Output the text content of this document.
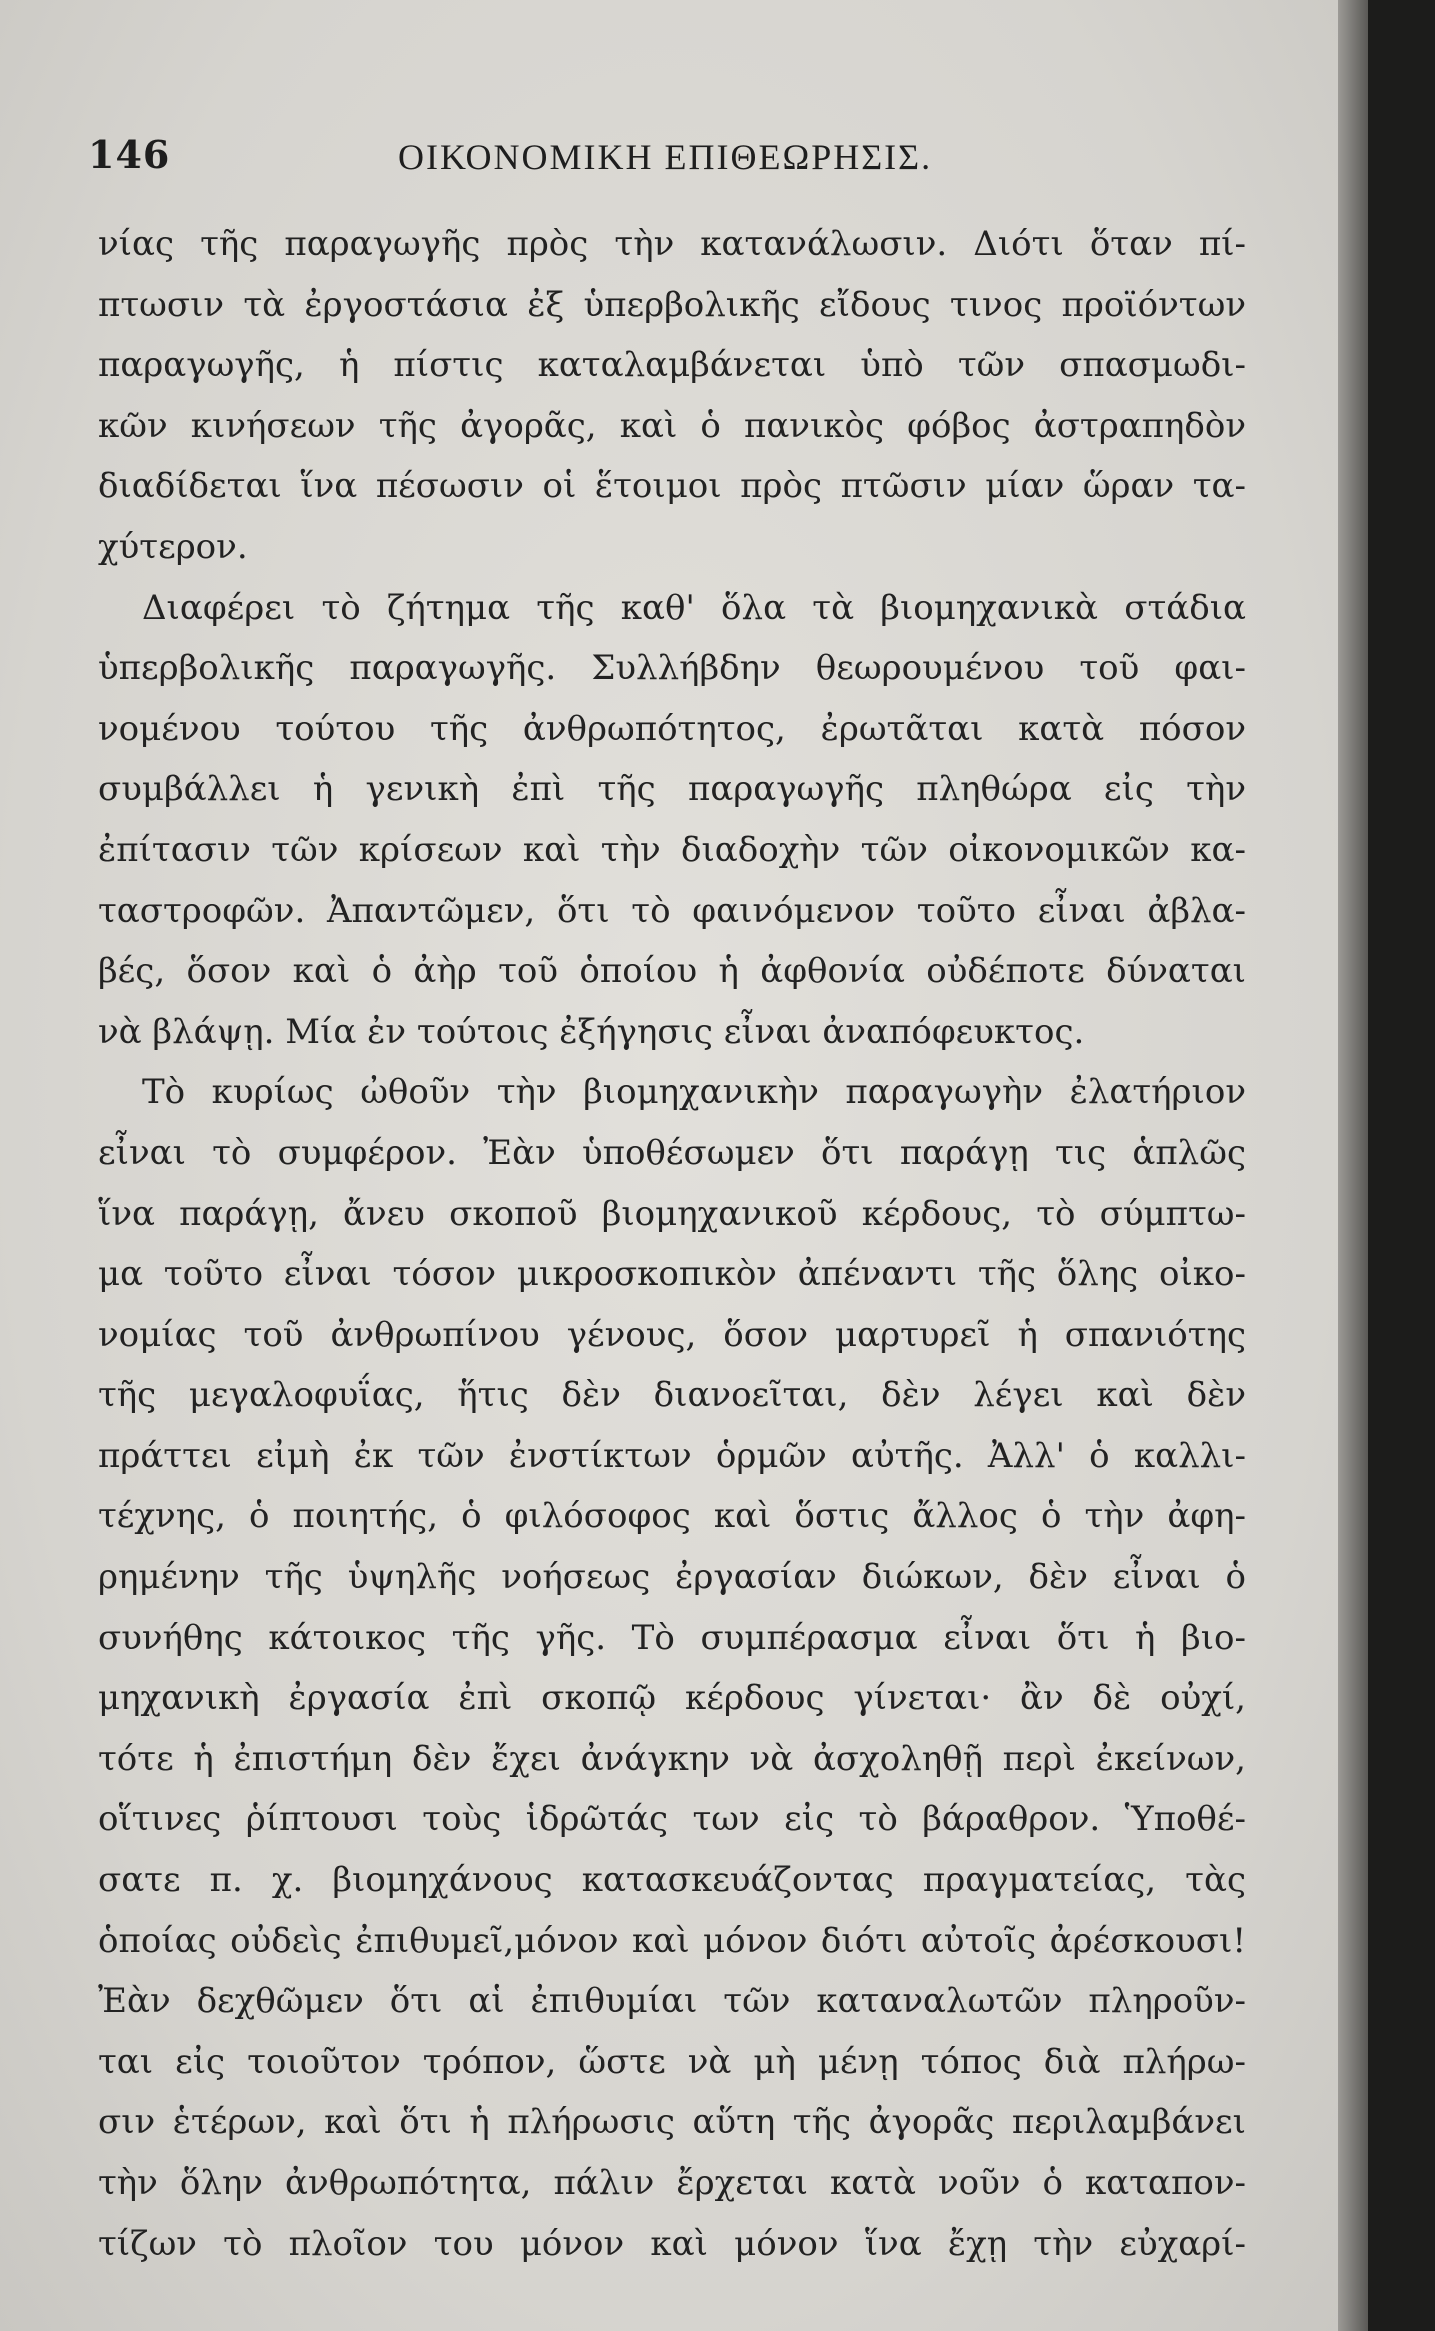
146	ΟΙΚΟΝΟΜΙΚΗ ΕΠΙΘΕΩΡΗΣΙΣ.
νίας τῆς παραγωγῆς πρὸς τὴν κατανάλωσιν. Διότι ὅταν πί-
πτωσιν τὰ ἐργοστάσια ἐξ ὑπερβολικῆς εἴδους τινος προϊόντων
παραγωγῆς, ἡ πίστις καταλαμβάνεται ὑπὸ τῶν σπασμωδι-
κῶν κινήσεων τῆς ἀγορᾶς, καὶ ὁ πανικὸς φόβος ἀστραπηδὸν
διαδίδεται ἵνα πέσωσιν οἱ ἕτοιμοι πρὸς πτῶσιν μίαν ὥραν τα-
χύτερον.
Διαφέρει τὸ ζήτημα τῆς καθ' ὅλα τὰ βιομηχανικὰ στάδια
ὑπερβολικῆς παραγωγῆς. Συλλήβδην θεωρουμένου τοῦ φαι-
νομένου τούτου τῆς ἀνθρωπότητος, ἐρωτᾶται κατὰ πόσον
συμβάλλει ἡ γενικὴ ἐπὶ τῆς παραγωγῆς πληθώρα εἰς τὴν
ἐπίτασιν τῶν κρίσεων καὶ τὴν διαδοχὴν τῶν οἰκονομικῶν κα-
ταστροφῶν. Ἀπαντῶμεν, ὅτι τὸ φαινόμενον τοῦτο εἶναι ἀβλα-
βές, ὅσον καὶ ὁ ἀὴρ τοῦ ὁποίου ἡ ἀφθονία οὐδέποτε δύναται
νὰ βλάψῃ. Μία ἐν τούτοις ἐξήγησις εἶναι ἀναπόφευκτος.
Τὸ κυρίως ὠθοῦν τὴν βιομηχανικὴν παραγωγὴν ἐλατήριον
εἶναι τὸ συμφέρον. Ἐὰν ὑποθέσωμεν ὅτι παράγῃ τις ἁπλῶς
ἵνα παράγῃ, ἄνευ σκοποῦ βιομηχανικοῦ κέρδους, τὸ σύμπτω-
μα τοῦτο εἶναι τόσον μικροσκοπικὸν ἀπέναντι τῆς ὅλης οἰκο-
νομίας τοῦ ἀνθρωπίνου γένους, ὅσον μαρτυρεῖ ἡ σπανιότης
τῆς μεγαλοφυΐας, ἥτις δὲν διανοεῖται, δὲν λέγει καὶ δὲν
πράττει εἰμὴ ἐκ τῶν ἐνστίκτων ὁρμῶν αὐτῆς. Ἀλλ' ὁ καλλι-
τέχνης, ὁ ποιητής, ὁ φιλόσοφος καὶ ὅστις ἄλλος ὁ τὴν ἀφη-
ρημένην τῆς ὑψηλῆς νοήσεως ἐργασίαν διώκων, δὲν εἶναι ὁ
συνήθης κάτοικος τῆς γῆς. Τὸ συμπέρασμα εἶναι ὅτι ἡ βιο-
μηχανικὴ ἐργασία ἐπὶ σκοπῷ κέρδους γίνεται· ἂν δὲ οὐχί,
τότε ἡ ἐπιστήμη δὲν ἔχει ἀνάγκην νὰ ἀσχοληθῇ περὶ ἐκείνων,
οἵτινες ῥίπτουσι τοὺς ἱδρῶτάς των εἰς τὸ βάραθρον. Ὑποθέ-
σατε π. χ. βιομηχάνους κατασκευάζοντας πραγματείας, τὰς
ὁποίας οὐδεὶς ἐπιθυμεῖ,μόνον καὶ μόνον διότι αὐτοῖς ἀρέσκουσι!
Ἐὰν δεχθῶμεν ὅτι αἱ ἐπιθυμίαι τῶν καταναλωτῶν πληροῦν-
ται εἰς τοιοῦτον τρόπον, ὥστε νὰ μὴ μένῃ τόπος διὰ πλήρω-
σιν ἑτέρων, καὶ ὅτι ἡ πλήρωσις αὕτη τῆς ἀγορᾶς περιλαμβάνει
τὴν ὅλην ἀνθρωπότητα, πάλιν ἔρχεται κατὰ νοῦν ὁ καταπον-
τίζων τὸ πλοῖον του μόνον καὶ μόνον ἵνα ἔχῃ τὴν εὐχαρί-
